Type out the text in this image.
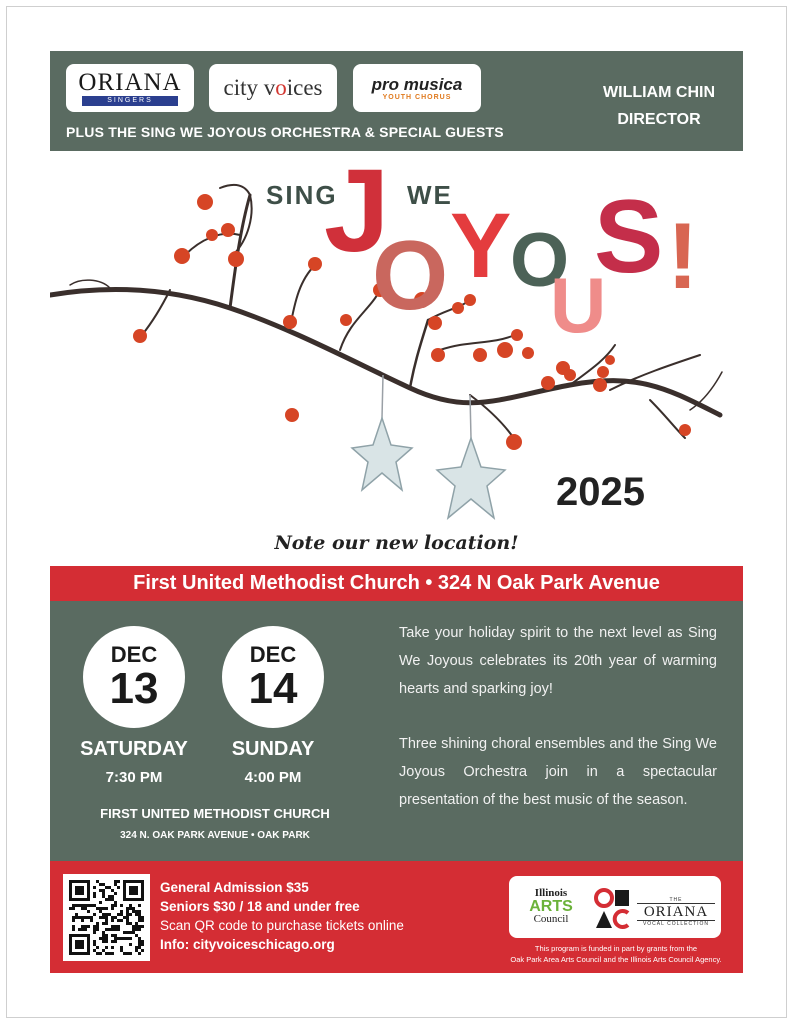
ORIANA
SINGERS	city v o ices	pro musica
YOUTH CHORUS
PLUS THE SING WE JOYOUS ORCHESTRA & SPECIAL GUESTS
WILLIAM CHIN
DIRECTOR
SING	WE
J
O Y
O
U
S !
2025
Note our new location!
First United Methodist Church • 324 N Oak Park Avenue
DEC
13
DEC
14
SATURDAY	SUNDAY
7:30 PM	4:00 PM
FIRST UNITED METHODIST CHURCH
324 N. OAK PARK AVENUE • OAK PARK
Take your holiday spirit to the next level as Sing We Joyous celebrates its 20th year of warming hearts and sparking joy!
Three shining choral ensembles and the Sing We Joyous Orchestra join in a spectacular presentation of the best music of the season.
General Admission $35
Seniors $30 / 18 and under free
Scan QR code to purchase tickets online
Info: cityvoiceschicago.org
Illinois
ARTS
Council
THE
ORIANA
VOCAL COLLECTION
This program is funded in part by grants from the
Oak Park Area Arts Council and the Illinois Arts Council Agency.
